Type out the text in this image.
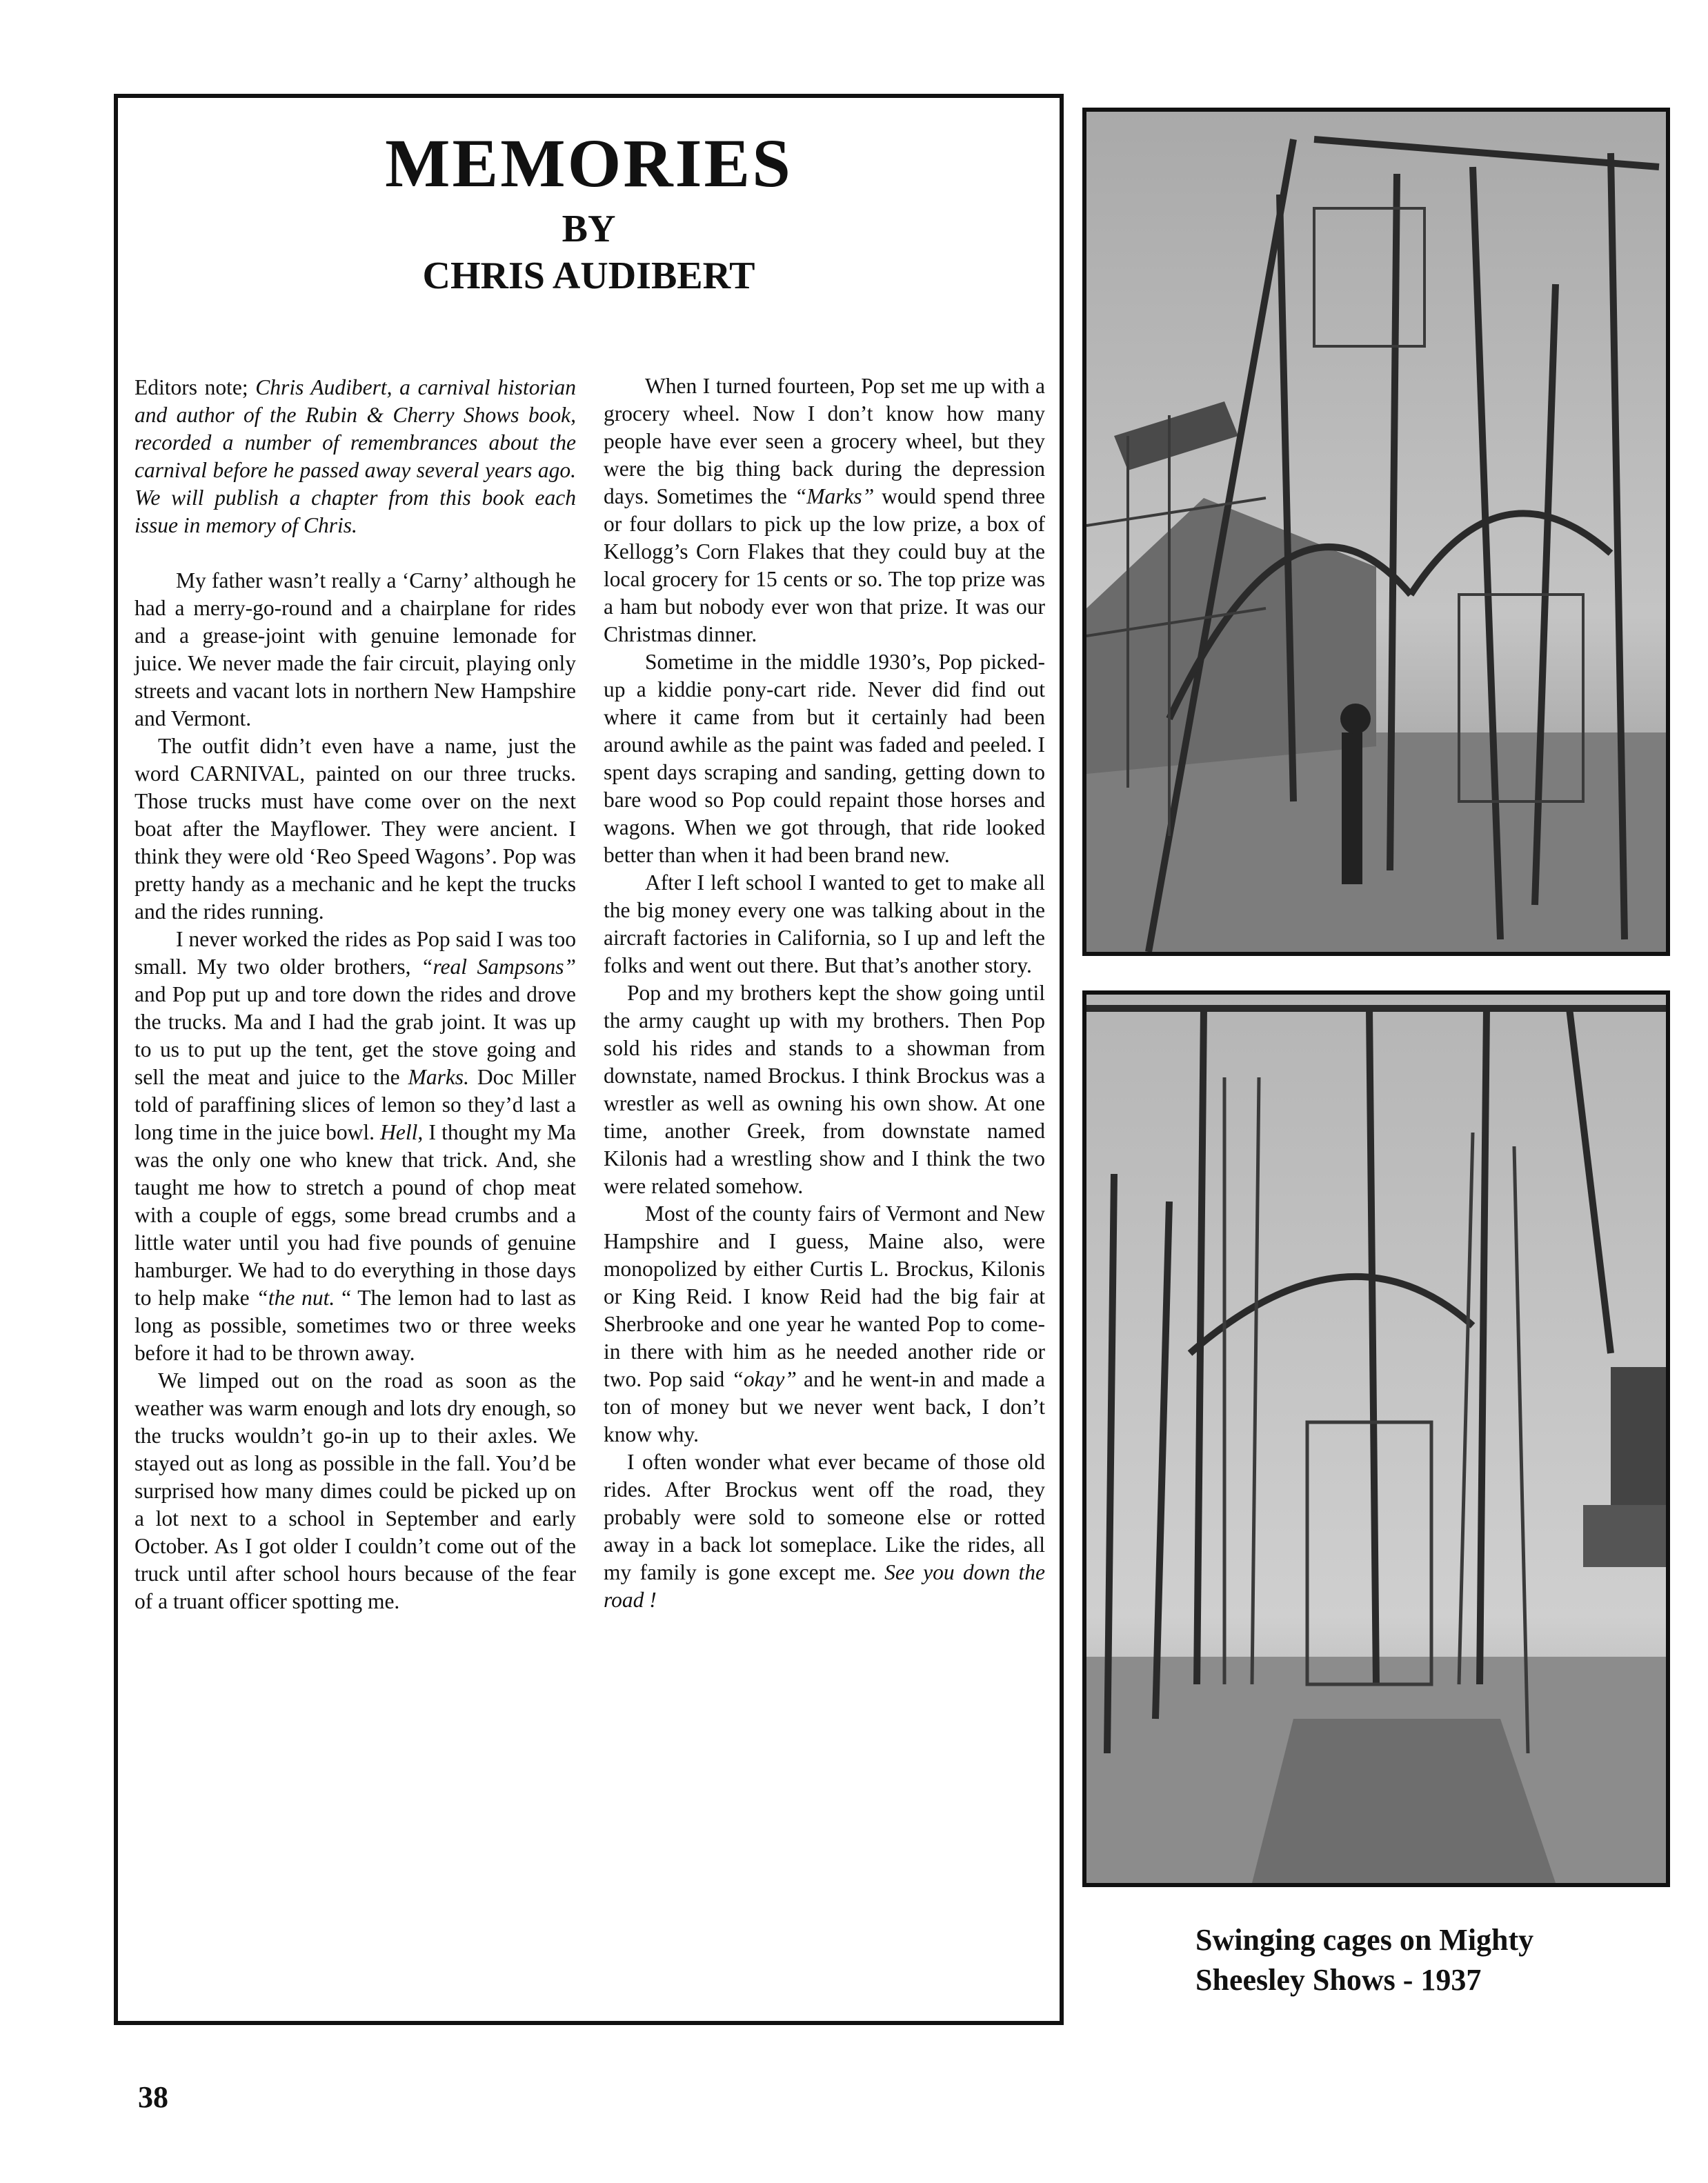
MEMORIES
BY
CHRIS AUDIBERT

Editors note; Chris Audibert, a carnival historian and author of the Rubin & Cherry Shows book, recorded a number of remembrances about the carnival before he passed away several years ago. We will publish a chapter from this book each issue in memory of Chris.

My father wasn’t really a ‘Carny’ although he had a merry-go-round and a chairplane for rides and a grease-joint with genuine lemonade for juice. We never made the fair circuit, playing only streets and vacant lots in northern New Hampshire and Vermont.

The outfit didn’t even have a name, just the word CARNIVAL, painted on our three trucks. Those trucks must have come over on the next boat after the Mayflower. They were ancient. I think they were old ‘Reo Speed Wagons’. Pop was pretty handy as a mechanic and he kept the trucks and the rides running.

I never worked the rides as Pop said I was too small. My two older brothers, “real Sampsons” and Pop put up and tore down the rides and drove the trucks. Ma and I had the grab joint. It was up to us to put up the tent, get the stove going and sell the meat and juice to the Marks. Doc Miller told of paraffining slices of lemon so they’d last a long time in the juice bowl. Hell, I thought my Ma was the only one who knew that trick. And, she taught me how to stretch a pound of chop meat with a couple of eggs, some bread crumbs and a little water until you had five pounds of genuine hamburger. We had to do everything in those days to help make “the nut. “ The lemon had to last as long as possible, sometimes two or three weeks before it had to be thrown away.

We limped out on the road as soon as the weather was warm enough and lots dry enough, so the trucks wouldn’t go-in up to their axles. We stayed out as long as possible in the fall. You’d be surprised how many dimes could be picked up on a lot next to a school in September and early October. As I got older I couldn’t come out of the truck until after school hours because of the fear of a truant officer spotting me.

When I turned fourteen, Pop set me up with a grocery wheel. Now I don’t know how many people have ever seen a grocery wheel, but they were the big thing back during the depression days. Sometimes the “Marks” would spend three or four dollars to pick up the low prize, a box of Kellogg’s Corn Flakes that they could buy at the local grocery for 15 cents or so. The top prize was a ham but nobody ever won that prize. It was our Christmas dinner.

Sometime in the middle 1930’s, Pop picked-up a kiddie pony-cart ride. Never did find out where it came from but it certainly had been around awhile as the paint was faded and peeled. I spent days scraping and sanding, getting down to bare wood so Pop could repaint those horses and wagons. When we got through, that ride looked better than when it had been brand new.

After I left school I wanted to get to make all the big money every one was talking about in the aircraft factories in California, so I up and left the folks and went out there. But that’s another story.

Pop and my brothers kept the show going until the army caught up with my brothers. Then Pop sold his rides and stands to a showman from downstate, named Brockus. I think Brockus was a wrestler as well as owning his own show. At one time, another Greek, from downstate named Kilonis had a wrestling show and I think the two were related somehow.

Most of the county fairs of Vermont and New Hampshire and I guess, Maine also, were monopolized by either Curtis L. Brockus, Kilonis or King Reid. I know Reid had the big fair at Sherbrooke and one year he wanted Pop to come-in there with him as he needed another ride or two. Pop said “okay” and he went-in and made a ton of money but we never went back, I don’t know why.

I often wonder what ever became of those old rides. After Brockus went off the road, they probably were sold to someone else or rotted away in a back lot someplace. Like the rides, all my family is gone except me. See you down the road !

Swinging cages on Mighty
Sheesley Shows - 1937

38
